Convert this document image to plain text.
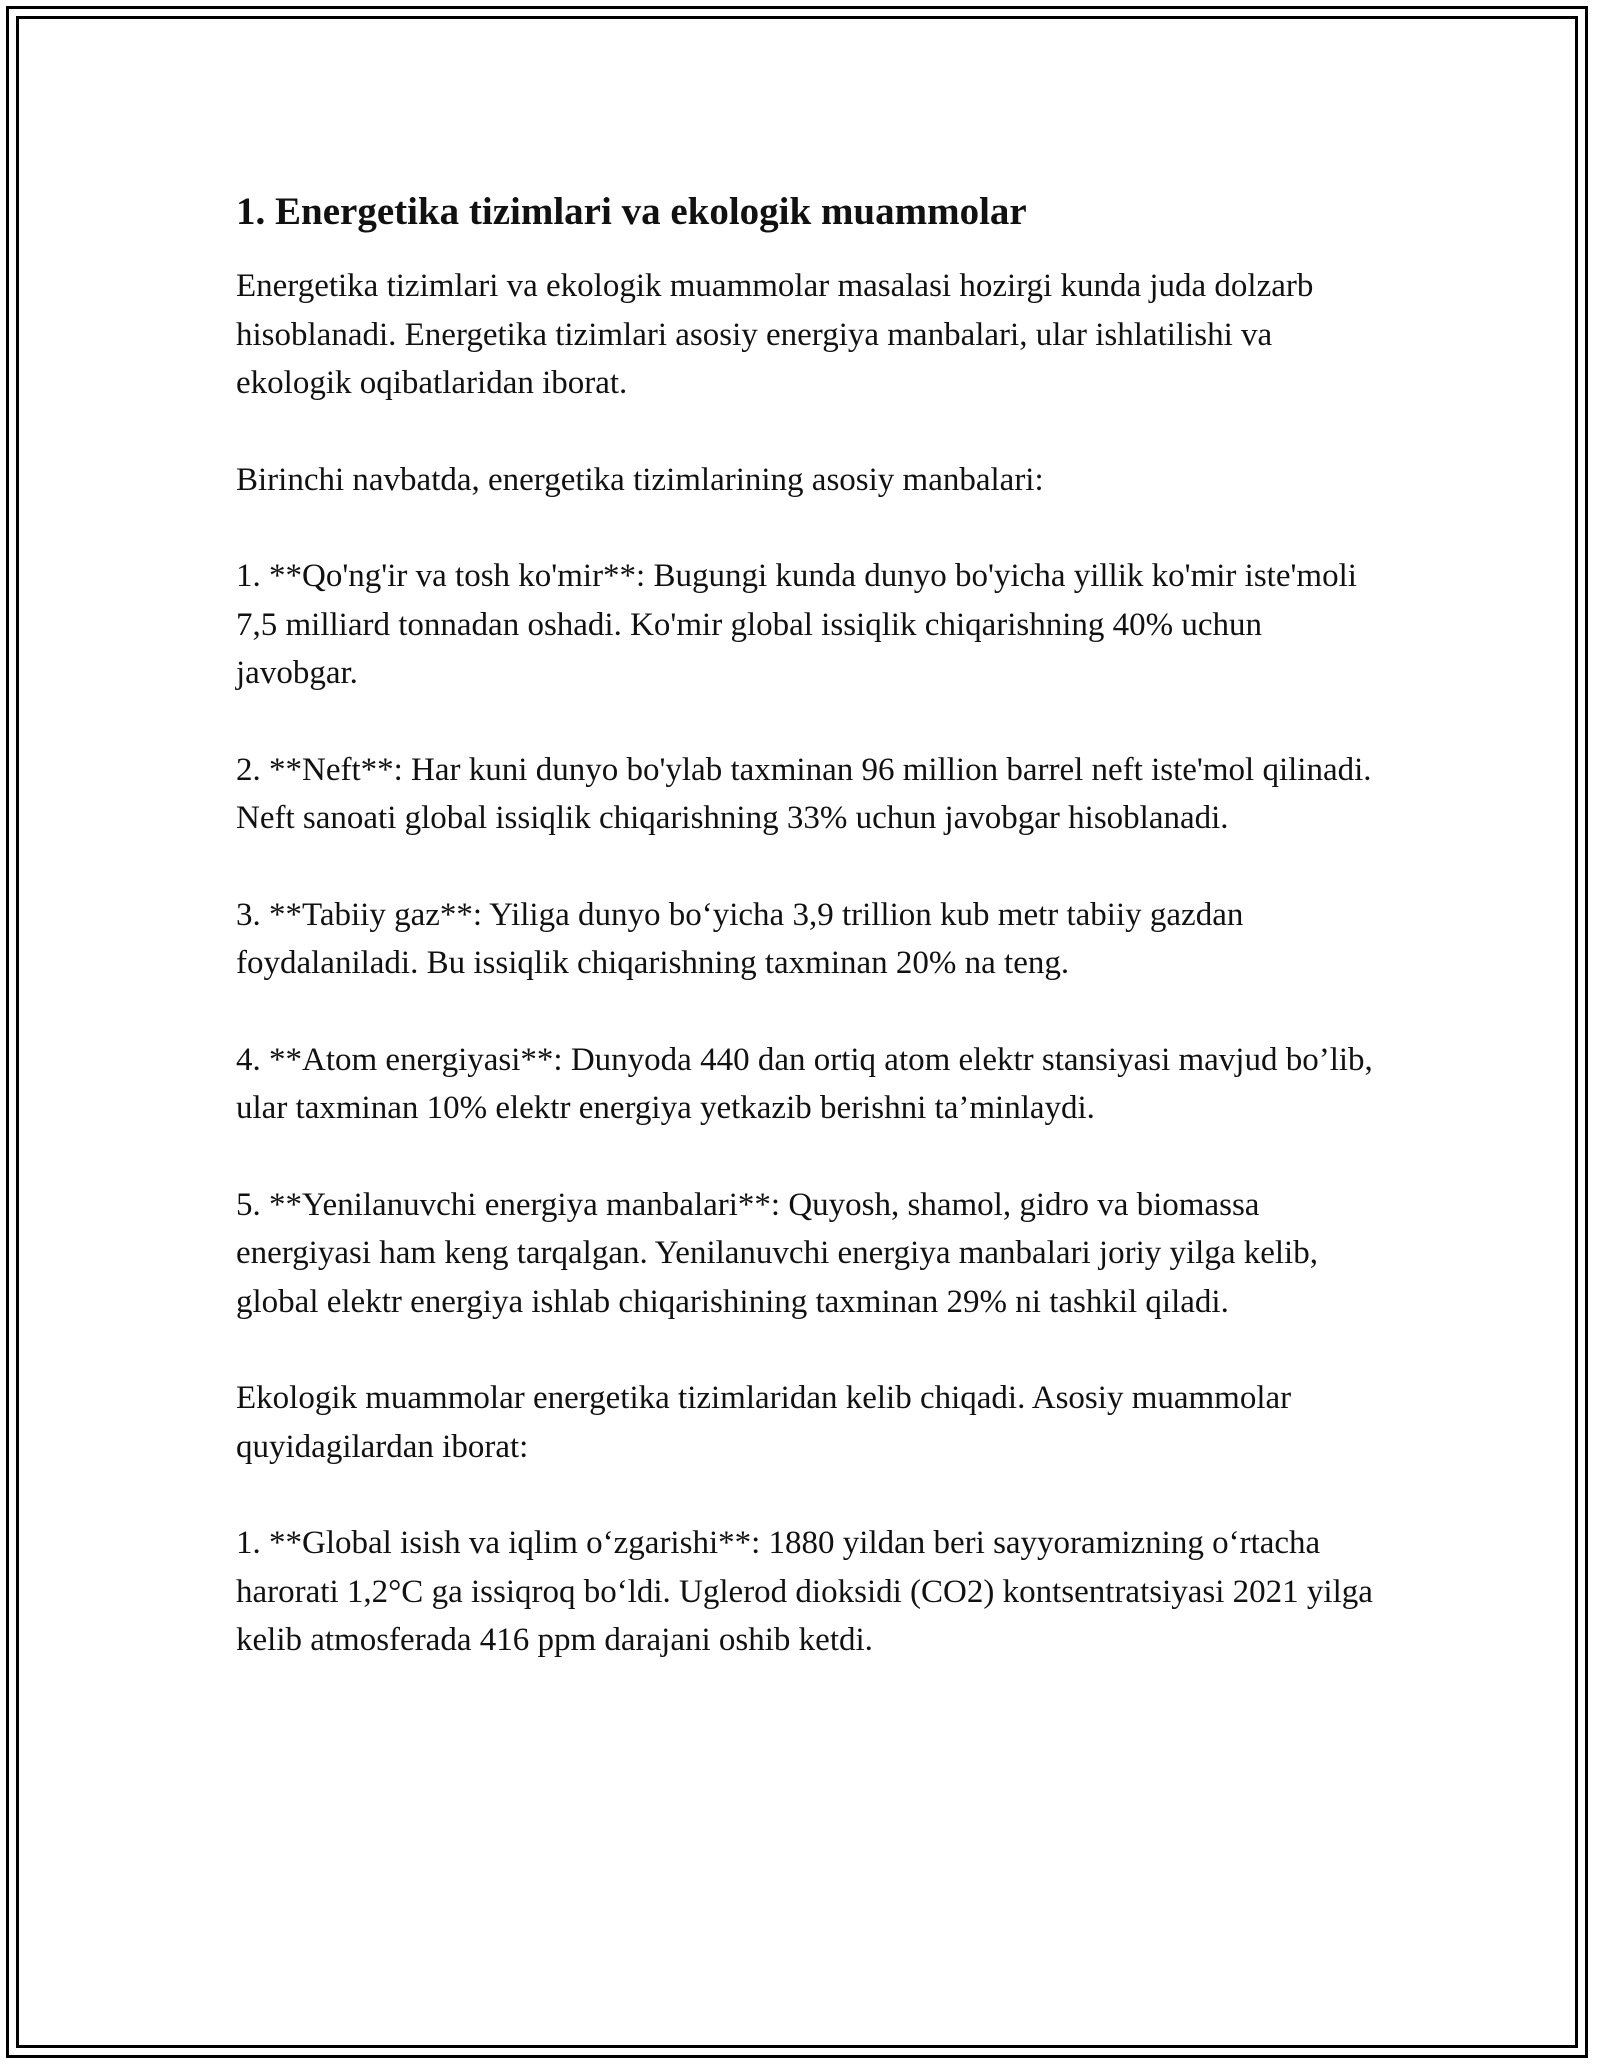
1. Energetika tizimlari va ekologik muammolar

Energetika tizimlari va ekologik muammolar masalasi hozirgi kunda juda dolzarb hisoblanadi. Energetika tizimlari asosiy energiya manbalari, ular ishlatilishi va ekologik oqibatlaridan iborat.

Birinchi navbatda, energetika tizimlarining asosiy manbalari:

1. **Qo'ng'ir va tosh ko'mir**: Bugungi kunda dunyo bo'yicha yillik ko'mir iste'moli 7,5 milliard tonnadan oshadi. Ko'mir global issiqlik chiqarishning 40% uchun javobgar.

2. **Neft**: Har kuni dunyo bo'ylab taxminan 96 million barrel neft iste'mol qilinadi. Neft sanoati global issiqlik chiqarishning 33% uchun javobgar hisoblanadi.

3. **Tabiiy gaz**: Yiliga dunyo bo‘yicha 3,9 trillion kub metr tabiiy gazdan foydalaniladi. Bu issiqlik chiqarishning taxminan 20% na teng.

4. **Atom energiyasi**: Dunyoda 440 dan ortiq atom elektr stansiyasi mavjud bo’lib, ular taxminan 10% elektr energiya yetkazib berishni ta’minlaydi.

5. **Yenilanuvchi energiya manbalari**: Quyosh, shamol, gidro va biomassa energiyasi ham keng tarqalgan. Yenilanuvchi energiya manbalari joriy yilga kelib, global elektr energiya ishlab chiqarishining taxminan 29% ni tashkil qiladi.

Ekologik muammolar energetika tizimlaridan kelib chiqadi. Asosiy muammolar quyidagilardan iborat:

1. **Global isish va iqlim o‘zgarishi**: 1880 yildan beri sayyoramizning o‘rtacha harorati 1,2°C ga issiqroq bo‘ldi. Uglerod dioksidi (CO2) kontsentratsiyasi 2021 yilga kelib atmosferada 416 ppm darajani oshib ketdi.
